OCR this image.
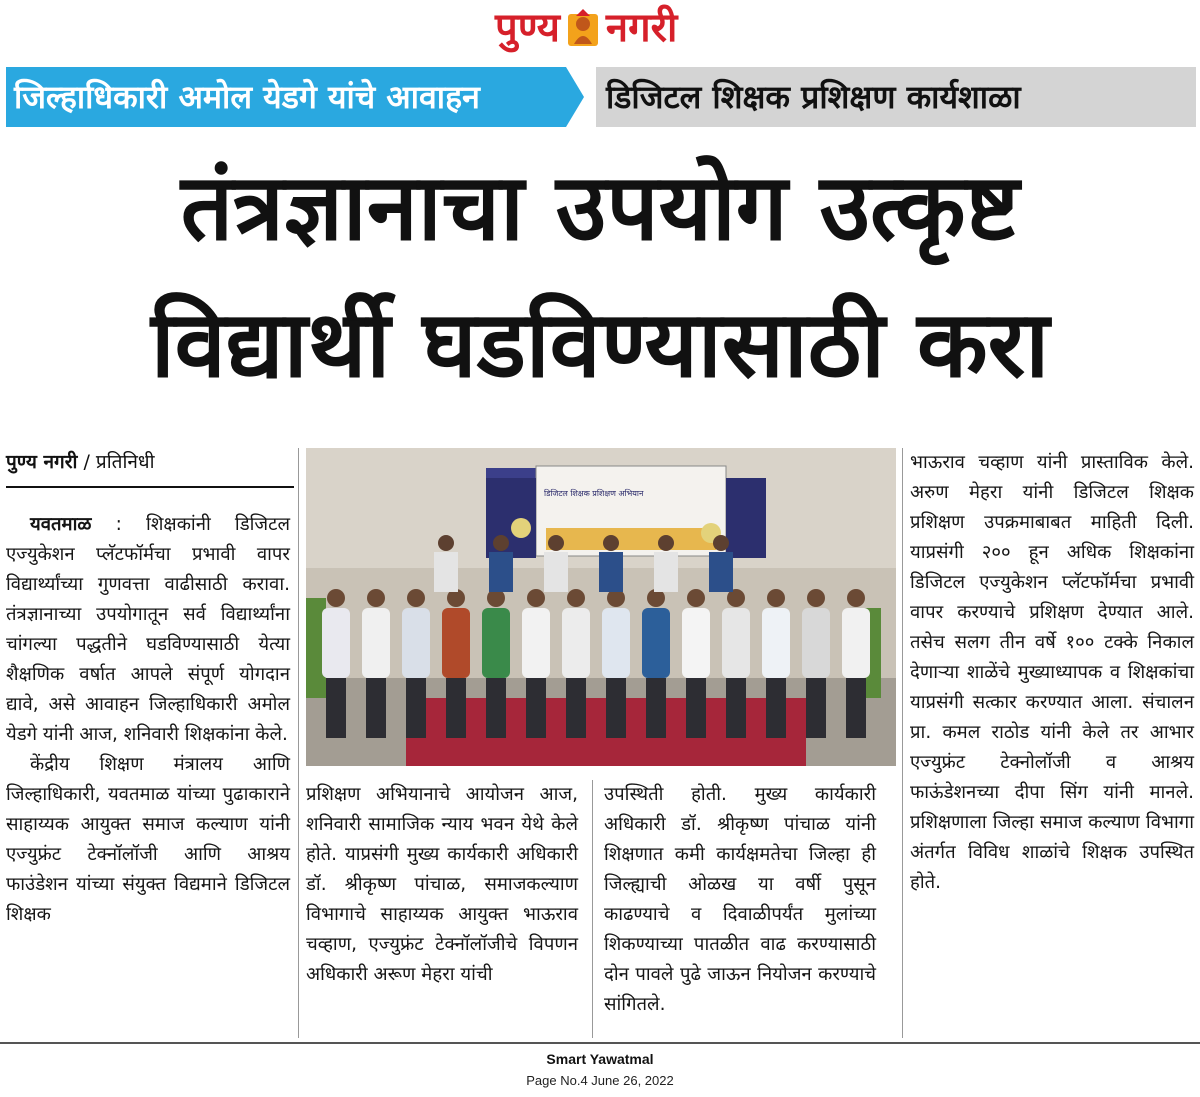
पुण्य नगरी
जिल्हाधिकारी अमोल येडगे यांचे आवाहन	डिजिटल शिक्षक प्रशिक्षण कार्यशाळा
तंत्रज्ञानाचा उपयोग उत्कृष्ट
विद्यार्थी घडविण्यासाठी करा
पुण्य नगरी / प्रतिनिधी

यवतमाळ : शिक्षकांनी डिजिटल एज्युकेशन प्लॅटफॉर्मचा प्रभावी वापर विद्यार्थ्यांच्या गुणवत्ता वाढीसाठी करावा. तंत्रज्ञानाच्या उपयोगातून सर्व विद्यार्थ्यांना चांगल्या पद्धतीने घडविण्यासाठी येत्या शैक्षणिक वर्षात आपले संपूर्ण योगदान द्यावे, असे आवाहन जिल्हाधिकारी अमोल येडगे यांनी आज, शनिवारी शिक्षकांना केले.

केंद्रीय शिक्षण मंत्रालय आणि जिल्हाधिकारी, यवतमाळ यांच्या पुढाकाराने साहाय्यक आयुक्त समाज कल्याण यांनी एज्युफ्रंट टेक्नॉलॉजी आणि आश्रय फाउंडेशन यांच्या संयुक्त विद्यमाने डिजिटल शिक्षक

डिजिटल शिक्षक प्रशिक्षण अभियान

प्रशिक्षण अभियानाचे आयोजन आज, शनिवारी सामाजिक न्याय भवन येथे केले होते. याप्रसंगी मुख्य कार्यकारी अधिकारी डॉ. श्रीकृष्ण पांचाळ, समाजकल्याण विभागाचे साहाय्यक आयुक्त भाऊराव चव्हाण, एज्युफ्रंट टेक्नॉलॉजीचे विपणन अधिकारी अरूण मेहरा यांची

उपस्थिती होती. मुख्य कार्यकारी अधिकारी डॉ. श्रीकृष्ण पांचाळ यांनी शिक्षणात कमी कार्यक्षमतेचा जिल्हा ही जिल्ह्याची ओळख या वर्षी पुसून काढण्याचे व दिवाळीपर्यंत मुलांच्या शिकण्याच्या पातळीत वाढ करण्यासाठी दोन पावले पुढे जाऊन नियोजन करण्याचे सांगितले.

भाऊराव चव्हाण यांनी प्रास्ताविक केले. अरुण मेहरा यांनी डिजिटल शिक्षक प्रशिक्षण उपक्रमाबाबत माहिती दिली. याप्रसंगी २०० हून अधिक शिक्षकांना डिजिटल एज्युकेशन प्लॅटफॉर्मचा प्रभावी वापर करण्याचे प्रशिक्षण देण्यात आले. तसेच सलग तीन वर्षे १०० टक्के निकाल देणाऱ्या शाळेंचे मुख्याध्यापक व शिक्षकांचा याप्रसंगी सत्कार करण्यात आला. संचालन प्रा. कमल राठोड यांनी केले तर आभार एज्युफ्रंट टेक्नोलॉजी व आश्रय फाऊंडेशनच्या दीपा सिंग यांनी मानले. प्रशिक्षणाला जिल्हा समाज कल्याण विभागा अंतर्गत विविध शाळांचे शिक्षक उपस्थित होते.

Smart Yawatmal
Page No.4 June 26, 2022
